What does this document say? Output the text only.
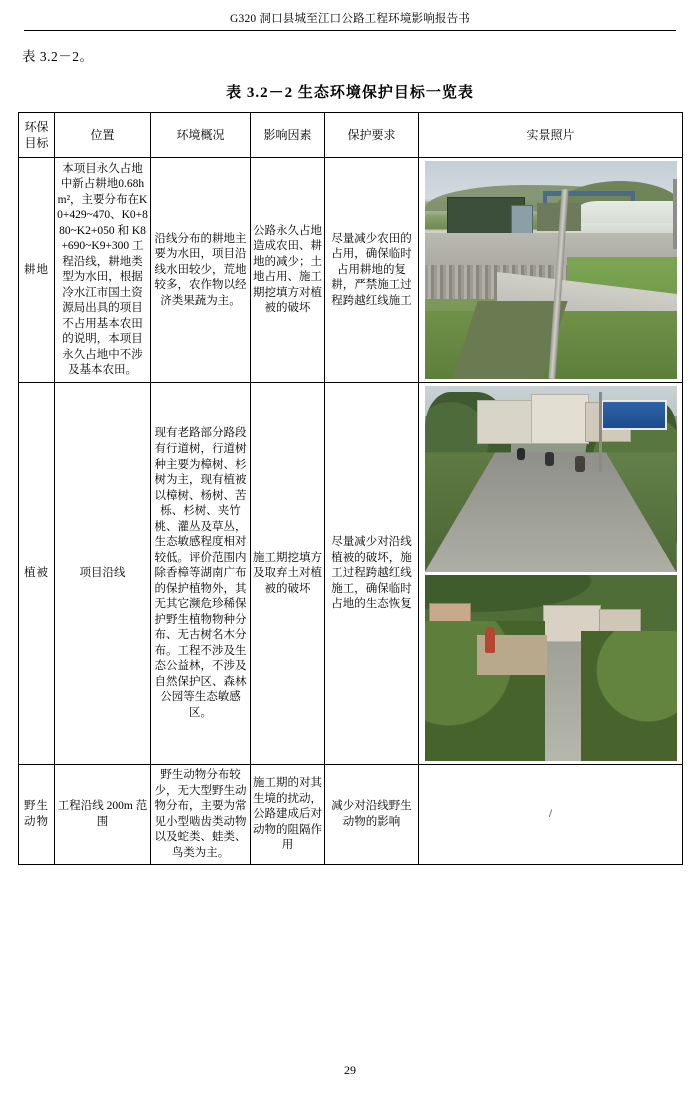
G320 洞口县城至江口公路工程环境影响报告书
表 3.2－2。
表 3.2－2 生态环境保护目标一览表
环保目标	位置	环境概况	影响因素	保护要求	实景照片
耕地	本项目永久占地中新占耕地0.68hm²，主要分布在K0+429~470、K0+880~K2+050 和 K8+690~K9+300 工程沿线，耕地类型为水田，根据冷水江市国土资源局出具的项目不占用基本农田的说明，本项目永久占地中不涉及基本农田。	沿线分布的耕地主要为水田，项目沿线水田较少，荒地较多，农作物以经济类果蔬为主。	公路永久占地造成农田、耕地的减少；土地占用、施工期挖填方对植被的破坏	尽量减少农田的占用，确保临时占用耕地的复耕，严禁施工过程跨越红线施工	

植被	项目沿线	现有老路部分路段有行道树，行道树种主要为樟树、杉树为主，现有植被以樟树、杨树、苦栎、杉树、夹竹桃、灌丛及草丛，生态敏感程度相对较低。评价范围内除香樟等湖南广布的保护植物外，其无其它濒危珍稀保护野生植物物种分布、无古树名木分布。工程不涉及生态公益林，不涉及自然保护区、森林公园等生态敏感区。	施工期挖填方及取弃土对植被的破坏	尽量减少对沿线植被的破坏，施工过程跨越红线施工，确保临时占地的生态恢复	

野生动物	工程沿线 200m 范围	野生动物分布较少，无大型野生动物分布，主要为常见小型啮齿类动物以及蛇类、蛙类、鸟类为主。	施工期的对其生境的扰动，公路建成后对动物的阻隔作用	减少对沿线野生动物的影响	/
29
